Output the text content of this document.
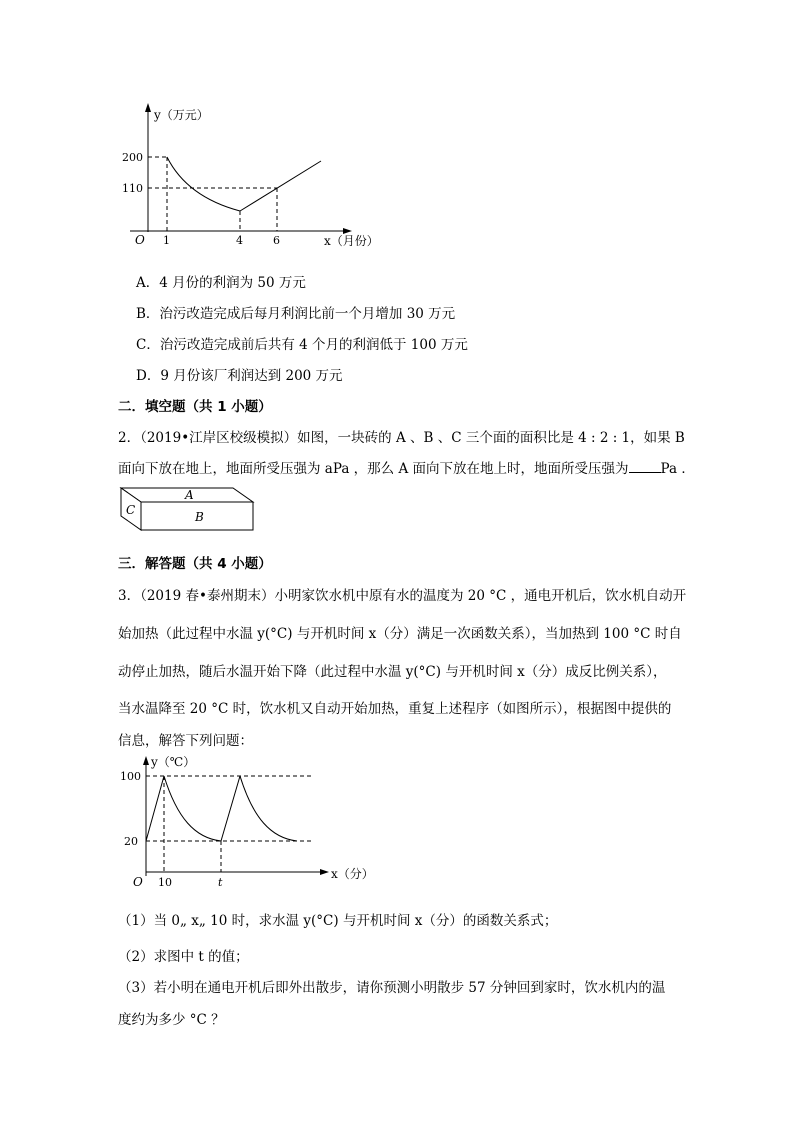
y（万元）
200
110
O 1	4	6	x（月份）
A．4 月份的利润为 50 万元
B．治污改造完成后每月利润比前一个月增加 30 万元
C．治污改造完成前后共有 4 个月的利润低于 100 万元
D．9 月份该厂利润达到 200 万元
二．填空题（共 1 小题）
2．（2019•江岸区校级模拟）如图，一块砖的 A 、B 、C 三个面的面积比是 4 : 2 : 1，如果 B
面向下放在地上，地面所受压强为 aPa ，那么 A 面向下放在地上时，地面所受压强为 Pa ．
A
B
C
三．解答题（共 4 小题）
3．（2019 春•泰州期末）小明家饮水机中原有水的温度为 20 °C ，通电开机后，饮水机自动开
始加热（此过程中水温 y(°C) 与开机时间 x（分）满足一次函数关系），当加热到 100 °C 时自
动停止加热，随后水温开始下降（此过程中水温 y(°C) 与开机时间 x（分）成反比例关系），
当水温降至 20 °C 时，饮水机又自动开始加热，重复上述程序（如图所示），根据图中提供的
信息，解答下列问题：
y（℃）
100
20
O 10	t
x（分）
（1）当 0„ x„ 10 时，求水温 y(°C) 与开机时间 x（分）的函数关系式；
（2）求图中 t 的值；
（3）若小明在通电开机后即外出散步，请你预测小明散步 57 分钟回到家时，饮水机内的温
度约为多少 °C ？
